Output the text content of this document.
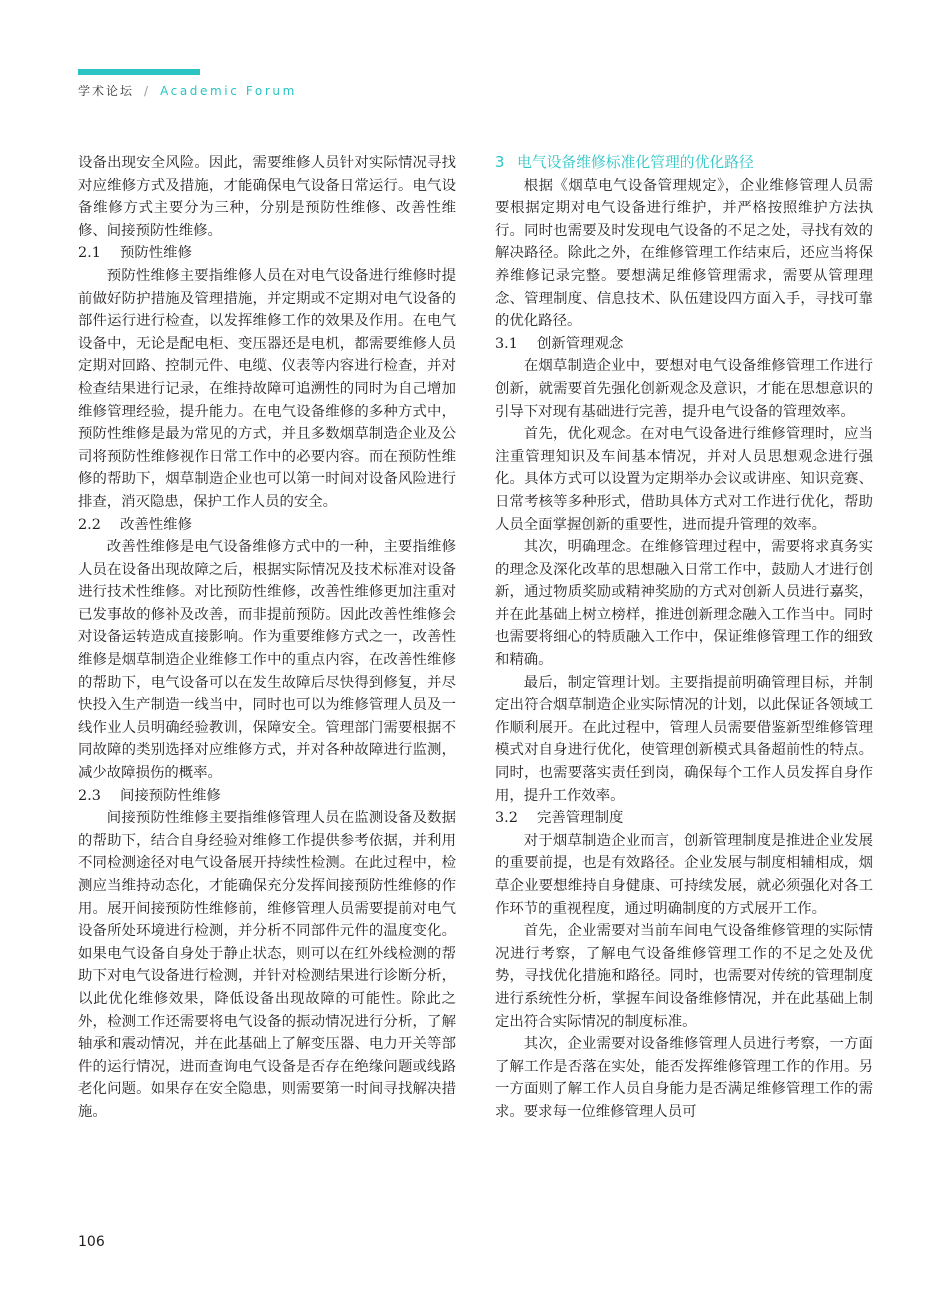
学术论坛 / Academic Forum

设备出现安全风险。因此，需要维修人员针对实际情况寻找对应维修方式及措施，才能确保电气设备日常运行。电气设备维修方式主要分为三种，分别是预防性维修、改善性维修、间接预防性维修。

2.1 预防性维修

预防性维修主要指维修人员在对电气设备进行维修时提前做好防护措施及管理措施，并定期或不定期对电气设备的部件运行进行检查，以发挥维修工作的效果及作用。在电气设备中，无论是配电柜、变压器还是电机，都需要维修人员定期对回路、控制元件、电缆、仪表等内容进行检查，并对检查结果进行记录，在维持故障可追溯性的同时为自己增加维修管理经验，提升能力。在电气设备维修的多种方式中，预防性维修是最为常见的方式，并且多数烟草制造企业及公司将预防性维修视作日常工作中的必要内容。而在预防性维修的帮助下，烟草制造企业也可以第一时间对设备风险进行排查，消灭隐患，保护工作人员的安全。

2.2 改善性维修

改善性维修是电气设备维修方式中的一种，主要指维修人员在设备出现故障之后，根据实际情况及技术标准对设备进行技术性维修。对比预防性维修，改善性维修更加注重对已发事故的修补及改善，而非提前预防。因此改善性维修会对设备运转造成直接影响。作为重要维修方式之一，改善性维修是烟草制造企业维修工作中的重点内容，在改善性维修的帮助下，电气设备可以在发生故障后尽快得到修复，并尽快投入生产制造一线当中，同时也可以为维修管理人员及一线作业人员明确经验教训，保障安全。管理部门需要根据不同故障的类别选择对应维修方式，并对各种故障进行监测，减少故障损伤的概率。

2.3 间接预防性维修

间接预防性维修主要指维修管理人员在监测设备及数据的帮助下，结合自身经验对维修工作提供参考依据，并利用不同检测途径对电气设备展开持续性检测。在此过程中，检测应当维持动态化，才能确保充分发挥间接预防性维修的作用。展开间接预防性维修前，维修管理人员需要提前对电气设备所处环境进行检测，并分析不同部件元件的温度变化。如果电气设备自身处于静止状态，则可以在红外线检测的帮助下对电气设备进行检测，并针对检测结果进行诊断分析，以此优化维修效果，降低设备出现故障的可能性。除此之外，检测工作还需要将电气设备的振动情况进行分析，了解轴承和震动情况，并在此基础上了解变压器、电力开关等部件的运行情况，进而查询电气设备是否存在绝缘问题或线路老化问题。如果存在安全隐患，则需要第一时间寻找解决措施。

3 电气设备维修标准化管理的优化路径

根据《烟草电气设备管理规定》，企业维修管理人员需要根据定期对电气设备进行维护，并严格按照维护方法执行。同时也需要及时发现电气设备的不足之处，寻找有效的解决路径。除此之外，在维修管理工作结束后，还应当将保养维修记录完整。要想满足维修管理需求，需要从管理理念、管理制度、信息技术、队伍建设四方面入手，寻找可靠的优化路径。

3.1 创新管理观念

在烟草制造企业中，要想对电气设备维修管理工作进行创新，就需要首先强化创新观念及意识，才能在思想意识的引导下对现有基础进行完善，提升电气设备的管理效率。

首先，优化观念。在对电气设备进行维修管理时，应当注重管理知识及车间基本情况，并对人员思想观念进行强化。具体方式可以设置为定期举办会议或讲座、知识竞赛、日常考核等多种形式，借助具体方式对工作进行优化，帮助人员全面掌握创新的重要性，进而提升管理的效率。

其次，明确理念。在维修管理过程中，需要将求真务实的理念及深化改革的思想融入日常工作中，鼓励人才进行创新，通过物质奖励或精神奖励的方式对创新人员进行嘉奖，并在此基础上树立榜样，推进创新理念融入工作当中。同时也需要将细心的特质融入工作中，保证维修管理工作的细致和精确。

最后，制定管理计划。主要指提前明确管理目标，并制定出符合烟草制造企业实际情况的计划，以此保证各领域工作顺利展开。在此过程中，管理人员需要借鉴新型维修管理模式对自身进行优化，使管理创新模式具备超前性的特点。同时，也需要落实责任到岗，确保每个工作人员发挥自身作用，提升工作效率。

3.2 完善管理制度

对于烟草制造企业而言，创新管理制度是推进企业发展的重要前提，也是有效路径。企业发展与制度相辅相成，烟草企业要想维持自身健康、可持续发展，就必须强化对各工作环节的重视程度，通过明确制度的方式展开工作。

首先，企业需要对当前车间电气设备维修管理的实际情况进行考察，了解电气设备维修管理工作的不足之处及优势，寻找优化措施和路径。同时，也需要对传统的管理制度进行系统性分析，掌握车间设备维修情况，并在此基础上制定出符合实际情况的制度标准。

其次，企业需要对设备维修管理人员进行考察，一方面了解工作是否落在实处，能否发挥维修管理工作的作用。另一方面则了解工作人员自身能力是否满足维修管理工作的需求。要求每一位维修管理人员可

106
